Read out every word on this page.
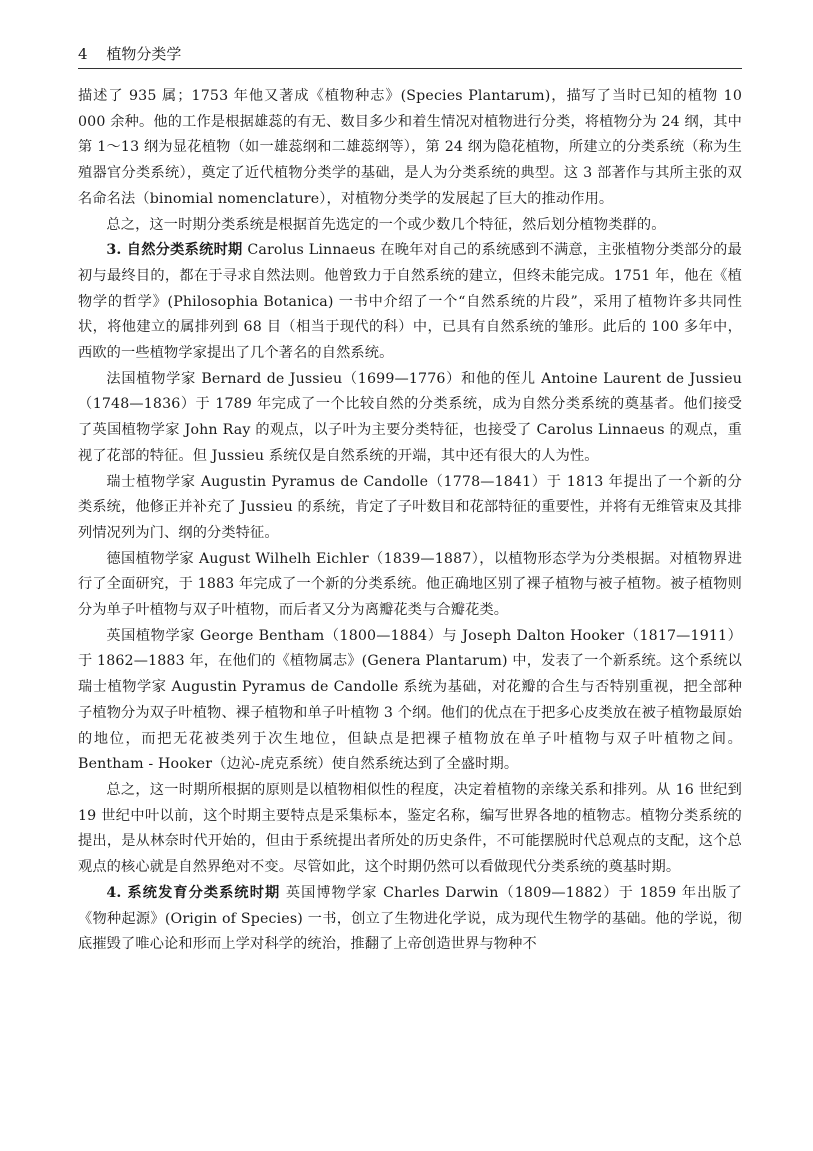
4 植物分类学

描述了 935 属；1753 年他又著成《植物种志》(Species Plantarum)，描写了当时已知的植物 10 000 余种。他的工作是根据雄蕊的有无、数目多少和着生情况对植物进行分类，将植物分为 24 纲，其中第 1～13 纲为显花植物（如一雄蕊纲和二雄蕊纲等），第 24 纲为隐花植物，所建立的分类系统（称为生殖器官分类系统），奠定了近代植物分类学的基础，是人为分类系统的典型。这 3 部著作与其所主张的双名命名法（binomial nomenclature），对植物分类学的发展起了巨大的推动作用。

总之，这一时期分类系统是根据首先选定的一个或少数几个特征，然后划分植物类群的。

3. 自然分类系统时期 Carolus Linnaeus 在晚年对自己的系统感到不满意，主张植物分类部分的最初与最终目的，都在于寻求自然法则。他曾致力于自然系统的建立，但终未能完成。1751 年，他在《植物学的哲学》(Philosophia Botanica) 一书中介绍了一个“自然系统的片段”，采用了植物许多共同性状，将他建立的属排列到 68 目（相当于现代的科）中，已具有自然系统的雏形。此后的 100 多年中，西欧的一些植物学家提出了几个著名的自然系统。

法国植物学家 Bernard de Jussieu（1699—1776）和他的侄儿 Antoine Laurent de Jussieu（1748—1836）于 1789 年完成了一个比较自然的分类系统，成为自然分类系统的奠基者。他们接受了英国植物学家 John Ray 的观点，以子叶为主要分类特征，也接受了 Carolus Linnaeus 的观点，重视了花部的特征。但 Jussieu 系统仅是自然系统的开端，其中还有很大的人为性。

瑞士植物学家 Augustin Pyramus de Candolle（1778—1841）于 1813 年提出了一个新的分类系统，他修正并补充了 Jussieu 的系统，肯定了子叶数目和花部特征的重要性，并将有无维管束及其排列情况列为门、纲的分类特征。

德国植物学家 August Wilhelh Eichler（1839—1887），以植物形态学为分类根据。对植物界进行了全面研究，于 1883 年完成了一个新的分类系统。他正确地区别了裸子植物与被子植物。被子植物则分为单子叶植物与双子叶植物，而后者又分为离瓣花类与合瓣花类。

英国植物学家 George Bentham（1800—1884）与 Joseph Dalton Hooker（1817—1911）于 1862—1883 年，在他们的《植物属志》(Genera Plantarum) 中，发表了一个新系统。这个系统以瑞士植物学家 Augustin Pyramus de Candolle 系统为基础，对花瓣的合生与否特别重视，把全部种子植物分为双子叶植物、裸子植物和单子叶植物 3 个纲。他们的优点在于把多心皮类放在被子植物最原始的地位，而把无花被类列于次生地位，但缺点是把裸子植物放在单子叶植物与双子叶植物之间。Bentham - Hooker（边沁-虎克系统）使自然系统达到了全盛时期。

总之，这一时期所根据的原则是以植物相似性的程度，决定着植物的亲缘关系和排列。从 16 世纪到 19 世纪中叶以前，这个时期主要特点是采集标本，鉴定名称，编写世界各地的植物志。植物分类系统的提出，是从林奈时代开始的，但由于系统提出者所处的历史条件，不可能摆脱时代总观点的支配，这个总观点的核心就是自然界绝对不变。尽管如此，这个时期仍然可以看做现代分类系统的奠基时期。

4. 系统发育分类系统时期 英国博物学家 Charles Darwin（1809—1882）于 1859 年出版了《物种起源》(Origin of Species) 一书，创立了生物进化学说，成为现代生物学的基础。他的学说，彻底摧毁了唯心论和形而上学对科学的统治，推翻了上帝创造世界与物种不
